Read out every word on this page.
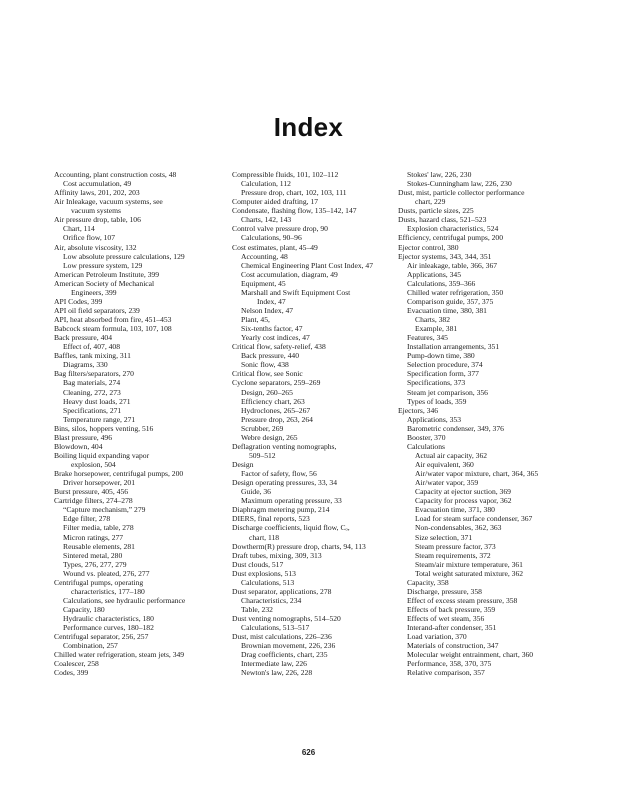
Index
Accounting, plant construction costs, 48
Cost accumulation, 49
Affinity laws, 201, 202, 203
Air Inleakage, vacuum systems, see
vacuum systems
Air pressure drop, table, 106
Chart, 114
Orifice flow, 107
Air, absolute viscosity, 132
Low absolute pressure calculations, 129
Low pressure system, 129
American Petroleum Institute, 399
American Society of Mechanical
Engineers, 399
API Codes, 399
API oil field separators, 239
API, heat absorbed from fire, 451–453
Babcock steam formula, 103, 107, 108
Back pressure, 404
Effect of, 407, 408
Baffles, tank mixing, 311
Diagrams, 330
Bag filters/separators, 270
Bag materials, 274
Cleaning, 272, 273
Heavy dust loads, 271
Specifications, 271
Temperature range, 271
Bins, silos, hoppers venting, 516
Blast pressure, 496
Blowdown, 404
Boiling liquid expanding vapor
explosion, 504
Brake horsepower, centrifugal pumps, 200
Driver horsepower, 201
Burst pressure, 405, 456
Cartridge filters, 274–278
“Capture mechanism,” 279
Edge filter, 278
Filter media, table, 278
Micron ratings, 277
Reusable elements, 281
Sintered metal, 280
Types, 276, 277, 279
Wound vs. pleated, 276, 277
Centrifugal pumps, operating
characteristics, 177–180
Calculations, see hydraulic performance
Capacity, 180
Hydraulic characteristics, 180
Performance curves, 180–182
Centrifugal separator, 256, 257
Combination, 257
Chilled water refrigeration, steam jets, 349
Coalescer, 258
Codes, 399
Compressible fluids, 101, 102–112
Calculation, 112
Pressure drop, chart, 102, 103, 111
Computer aided drafting, 17
Condensate, flashing flow, 135–142, 147
Charts, 142, 143
Control valve pressure drop, 90
Calculations, 90–96
Cost estimates, plant, 45–49
Accounting, 48
Chemical Engineering Plant Cost Index, 47
Cost accumulation, diagram, 49
Equipment, 45
Marshall and Swift Equipment Cost
Index, 47
Nelson Index, 47
Plant, 45,
Six-tenths factor, 47
Yearly cost indices, 47
Critical flow, safety-relief, 438
Back pressure, 440
Sonic flow, 438
Critical flow, see Sonic
Cyclone separators, 259–269
Design, 260–265
Efficiency chart, 263
Hydroclones, 265–267
Pressure drop, 263, 264
Scrubber, 269
Webre design, 265
Deflagration venting nomographs,
509–512
Design
Factor of safety, flow, 56
Design operating pressures, 33, 34
Guide, 36
Maximum operating pressure, 33
Diaphragm metering pump, 214
DIERS, final reports, 523
Discharge coefficients, liquid flow, Cₒ,
chart, 118
Dowtherm(R) pressure drop, charts, 94, 113
Draft tubes, mixing, 309, 313
Dust clouds, 517
Dust explosions, 513
Calculations, 513
Dust separator, applications, 278
Characteristics, 234
Table, 232
Dust venting nomographs, 514–520
Calculations, 513–517
Dust, mist calculations, 226–236
Brownian movement, 226, 236
Drag coefficients, chart, 235
Intermediate law, 226
Newton's law, 226, 228
Stokes' law, 226, 230
Stokes-Cunningham law, 226, 230
Dust, mist, particle collector performance
chart, 229
Dusts, particle sizes, 225
Dusts, hazard class, 521–523
Explosion characteristics, 524
Efficiency, centrifugal pumps, 200
Ejector control, 380
Ejector systems, 343, 344, 351
Air inleakage, table, 366, 367
Applications, 345
Calculations, 359–366
Chilled water refrigeration, 350
Comparison guide, 357, 375
Evacuation time, 380, 381
Charts, 382
Example, 381
Features, 345
Installation arrangements, 351
Pump-down time, 380
Selection procedure, 374
Specification form, 377
Specifications, 373
Steam jet comparison, 356
Types of loads, 359
Ejectors, 346
Applications, 353
Barometric condenser, 349, 376
Booster, 370
Calculations
Actual air capacity, 362
Air equivalent, 360
Air/water vapor mixture, chart, 364, 365
Air/water vapor, 359
Capacity at ejector suction, 369
Capacity for process vapor, 362
Evacuation time, 371, 380
Load for steam surface condenser, 367
Non-condensables, 362, 363
Size selection, 371
Steam pressure factor, 373
Steam requirements, 372
Steam/air mixture temperature, 361
Total weight saturated mixture, 362
Capacity, 358
Discharge, pressure, 358
Effect of excess steam pressure, 358
Effects of back pressure, 359
Effects of wet steam, 356
Interand-after condenser, 351
Load variation, 370
Materials of construction, 347
Molecular weight entrainment, chart, 360
Performance, 358, 370, 375
Relative comparison, 357
626
